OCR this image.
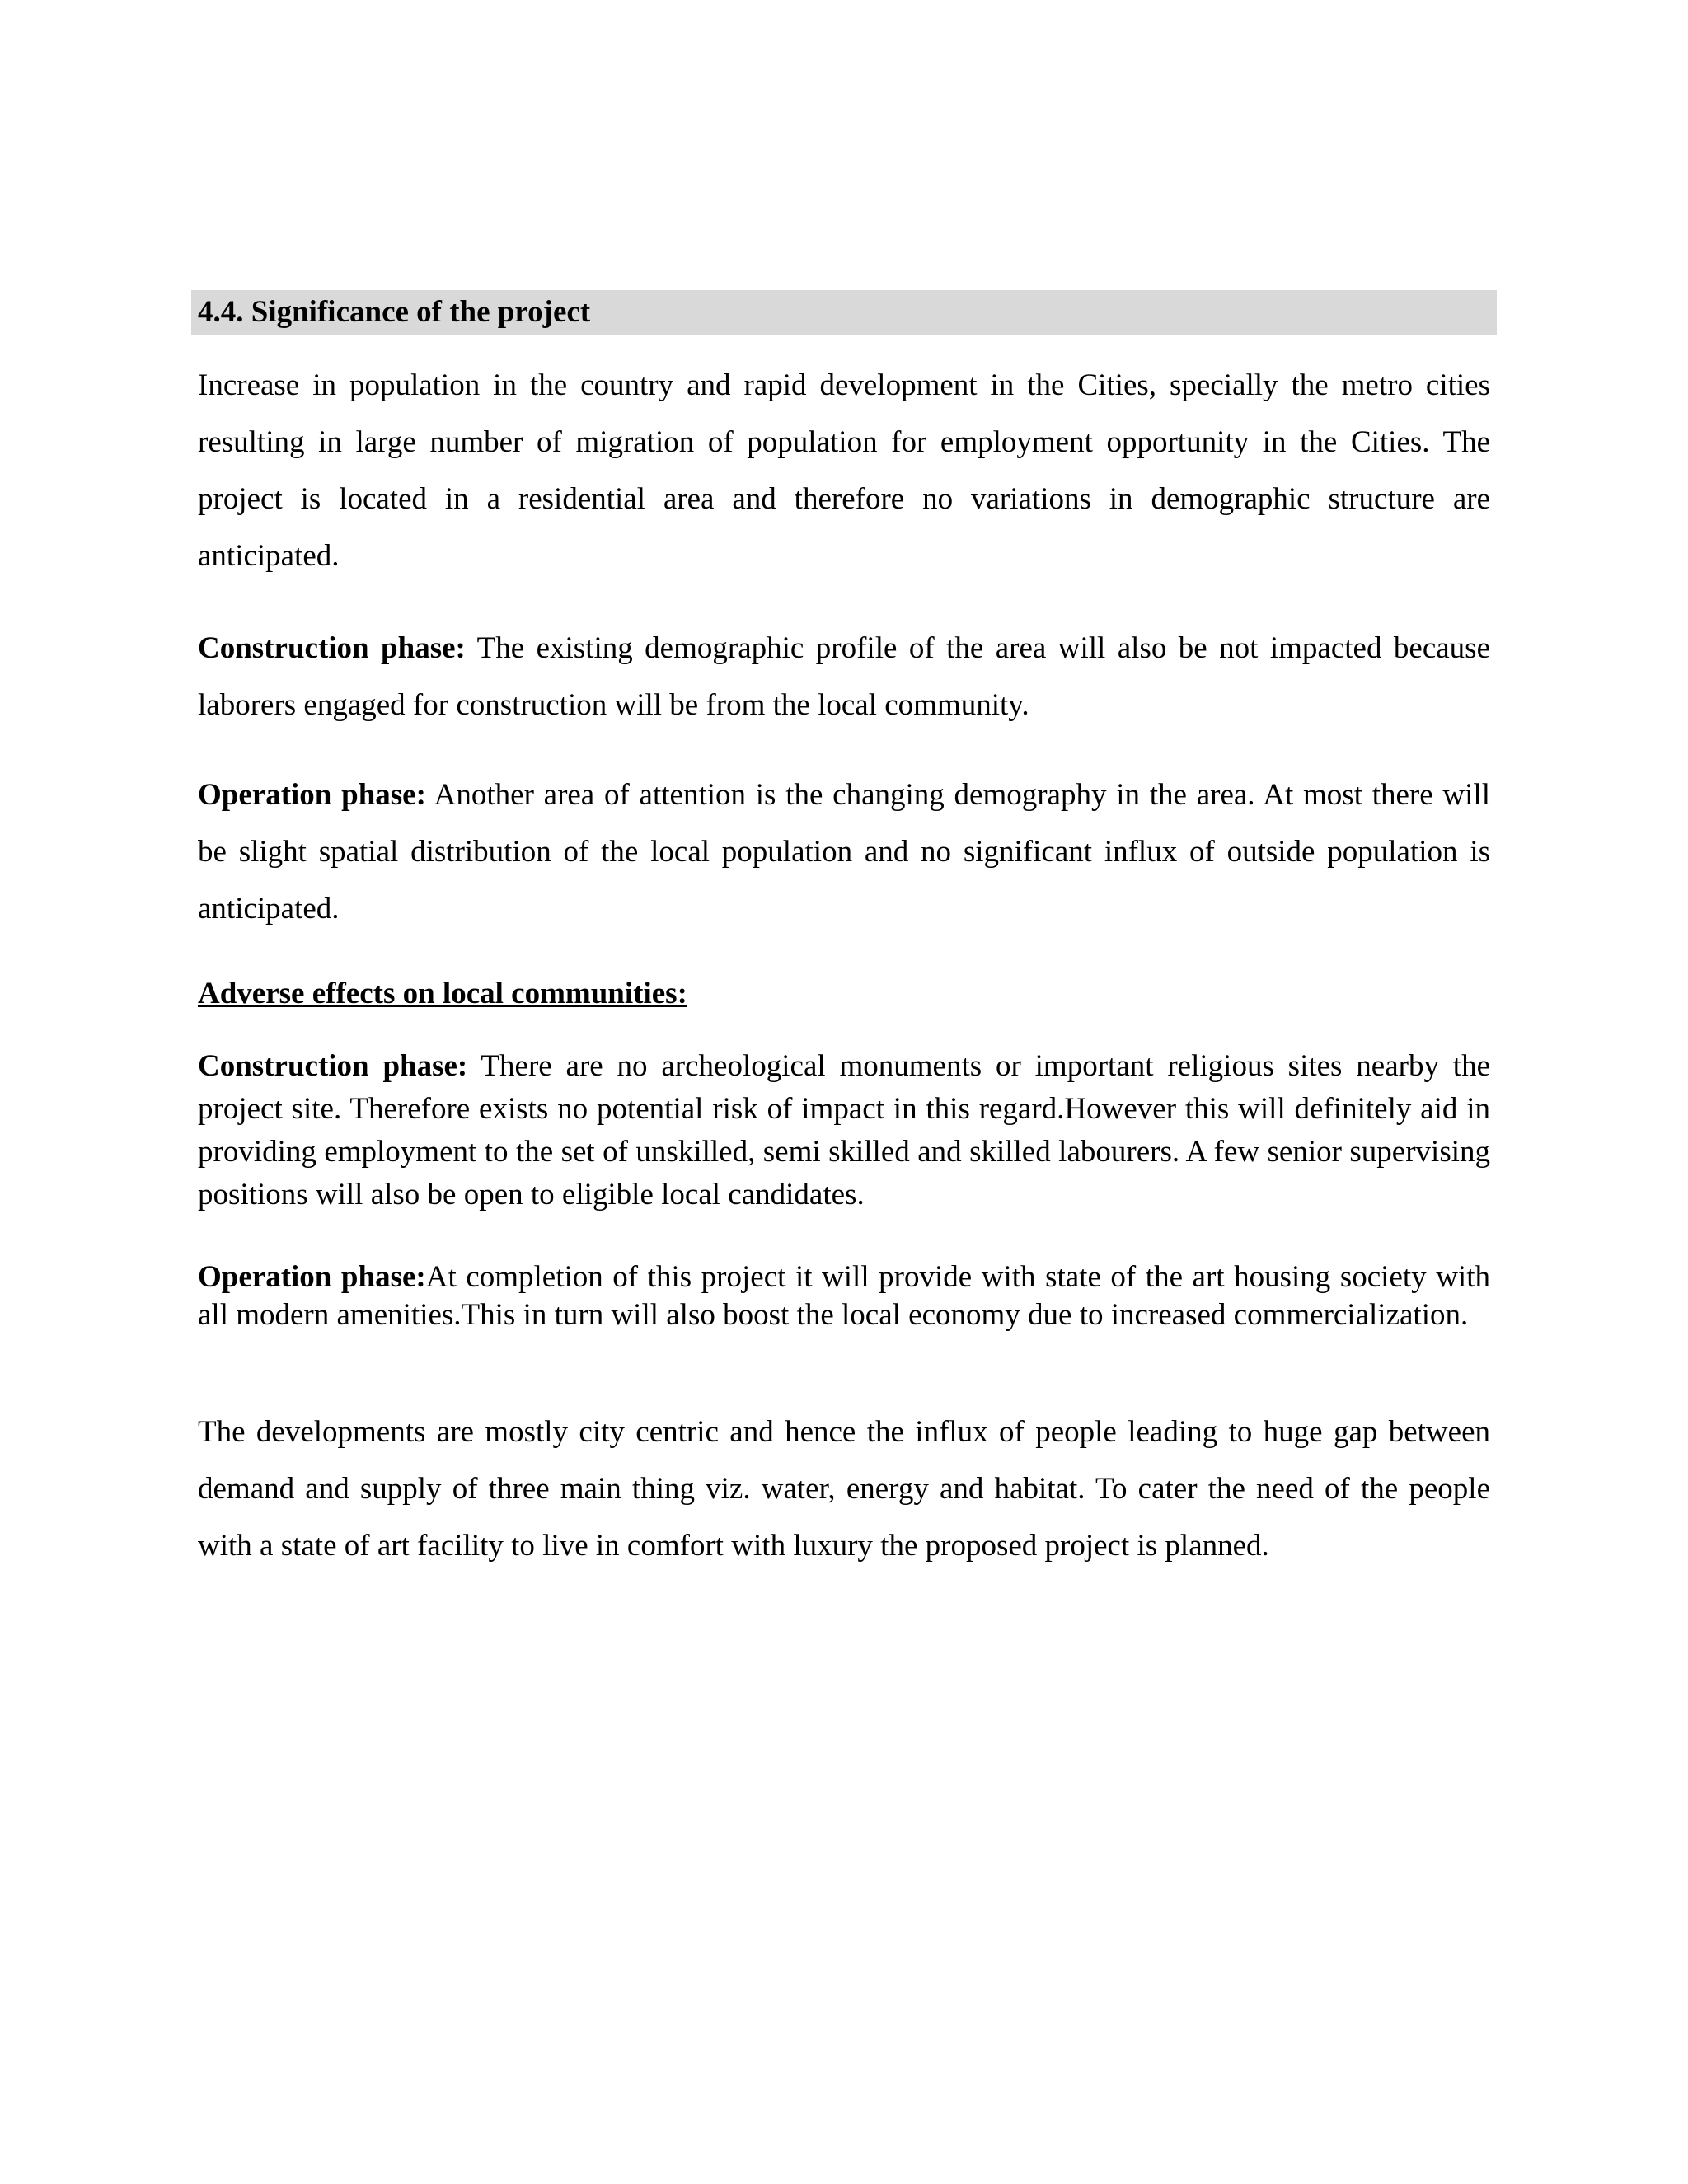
4.4. Significance of the project

Increase in population in the country and rapid development in the Cities, specially the metro cities resulting in large number of migration of population for employment opportunity in the Cities. The project is located in a residential area and therefore no variations in demographic structure are anticipated.

Construction phase: The existing demographic profile of the area will also be not impacted because laborers engaged for construction will be from the local community.

Operation phase: Another area of attention is the changing demography in the area. At most there will be slight spatial distribution of the local population and no significant influx of outside population is anticipated.

Adverse effects on local communities:

Construction phase: There are no archeological monuments or important religious sites nearby the project site. Therefore exists no potential risk of impact in this regard.However this will definitely aid in providing employment to the set of unskilled, semi skilled and skilled labourers. A few senior supervising positions will also be open to eligible local candidates.

Operation phase:At completion of this project it will provide with state of the art housing society with all modern amenities.This in turn will also boost the local economy due to increased commercialization.

The developments are mostly city centric and hence the influx of people leading to huge gap between demand and supply of three main thing viz. water, energy and habitat. To cater the need of the people with a state of art facility to live in comfort with luxury the proposed project is planned.
